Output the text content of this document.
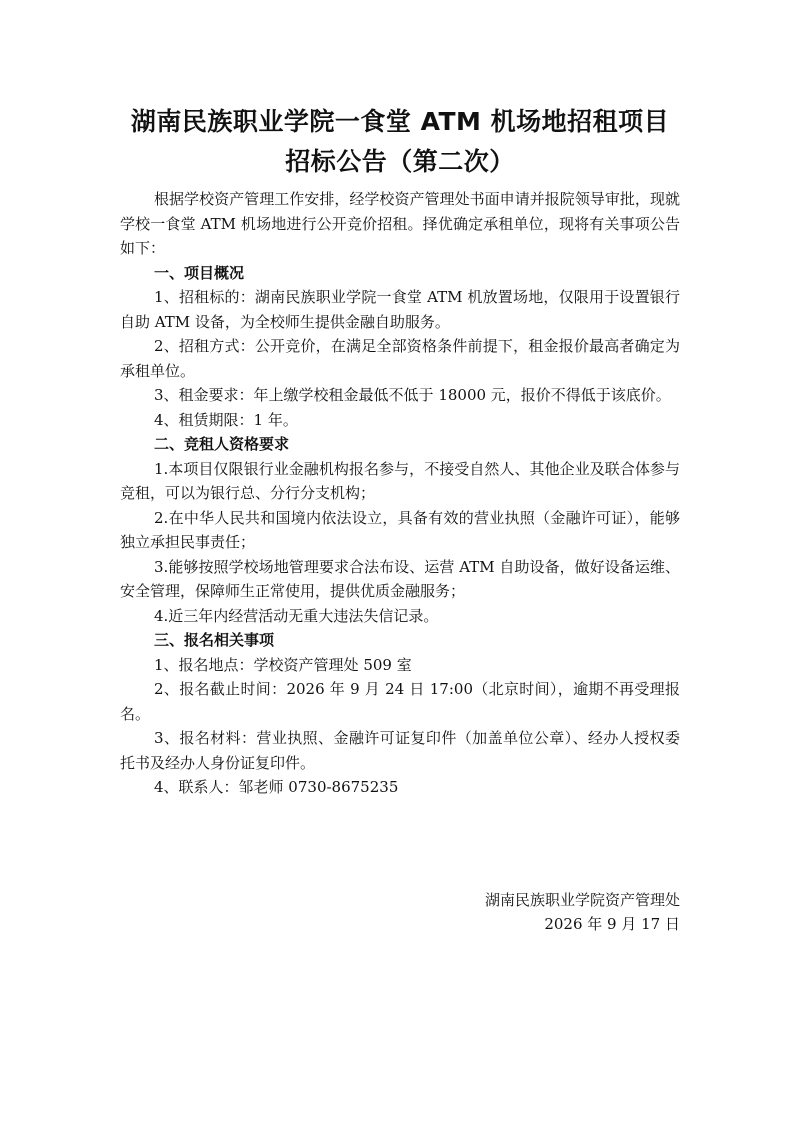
湖南民族职业学院一食堂 ATM 机场地招租项目
招标公告（第二次）

根据学校资产管理工作安排，经学校资产管理处书面申请并报院领导审批，现就学校一食堂 ATM 机场地进行公开竞价招租。择优确定承租单位，现将有关事项公告如下：

一、项目概况

1、招租标的：湖南民族职业学院一食堂 ATM 机放置场地，仅限用于设置银行自助 ATM 设备，为全校师生提供金融自助服务。

2、招租方式：公开竞价，在满足全部资格条件前提下，租金报价最高者确定为承租单位。

3、租金要求：年上缴学校租金最低不低于 18000 元，报价不得低于该底价。

4、租赁期限：1 年。

二、竞租人资格要求

1.本项目仅限银行业金融机构报名参与，不接受自然人、其他企业及联合体参与竞租，可以为银行总、分行分支机构；

2.在中华人民共和国境内依法设立，具备有效的营业执照（金融许可证），能够独立承担民事责任；

3.能够按照学校场地管理要求合法布设、运营 ATM 自助设备，做好设备运维、安全管理，保障师生正常使用，提供优质金融服务；

4.近三年内经营活动无重大违法失信记录。

三、报名相关事项

1、报名地点：学校资产管理处 509 室

2、报名截止时间：2026 年 9 月 24 日 17:00（北京时间），逾期不再受理报名。

3、报名材料：营业执照、金融许可证复印件（加盖单位公章）、经办人授权委托书及经办人身份证复印件。

4、联系人：邹老师 0730-8675235

湖南民族职业学院资产管理处
2026 年 9 月 17 日
